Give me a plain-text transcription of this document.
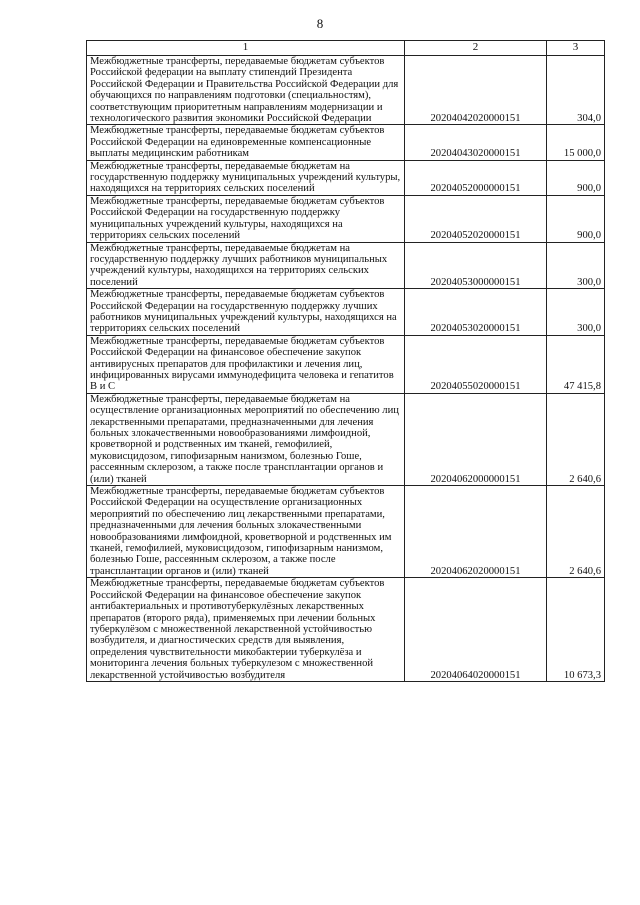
8
1	2	3
Межбюджетные трансферты, передаваемые бюджетам субъектов Российской федерации на выплату стипендий Президента Российской Федерации и Правительства Российской Федерации для обучающихся по направлениям подготовки (специальностям), соответствующим приоритетным направлениям модернизации и технологического развития экономики Российской Федерации	20204042020000151	304,0
Межбюджетные трансферты, передаваемые бюджетам субъектов Российской Федерации на единовременные компенсационные выплаты медицинским работникам	20204043020000151	15 000,0
Межбюджетные трансферты, передаваемые бюджетам на государственную поддержку муниципальных учреждений культуры, находящихся на территориях сельских поселений	20204052000000151	900,0
Межбюджетные трансферты, передаваемые бюджетам субъектов Российской Федерации на государственную поддержку муниципальных учреждений культуры, находящихся на территориях сельских поселений	20204052020000151	900,0
Межбюджетные трансферты, передаваемые бюджетам на государственную поддержку лучших работников муниципальных учреждений культуры, находящихся на территориях сельских поселений	20204053000000151	300,0
Межбюджетные трансферты, передаваемые бюджетам субъектов Российской Федерации на государственную поддержку лучших работников муниципальных учреждений культуры, находящихся на территориях сельских поселений	20204053020000151	300,0
Межбюджетные трансферты, передаваемые бюджетам субъектов Российской Федерации на финансовое обеспечение закупок антивирусных препаратов для профилактики и лечения лиц, инфицированных вирусами иммунодефицита человека и гепатитов В и С	20204055020000151	47 415,8
Межбюджетные трансферты, передаваемые бюджетам на осуществление организационных мероприятий по обеспечению лиц лекарственными препаратами, предназначенными для лечения больных злокачественными новообразованиями лимфоидной, кроветворной и родственных им тканей, гемофилией, муковисцидозом, гипофизарным нанизмом, болезнью Гоше, рассеянным склерозом, а также после трансплантации органов и (или) тканей	20204062000000151	2 640,6
Межбюджетные трансферты, передаваемые бюджетам субъектов Российской Федерации на осуществление организационных мероприятий по обеспечению лиц лекарственными препаратами, предназначенными для лечения больных злокачественными новообразованиями лимфоидной, кроветворной и родственных им тканей, гемофилией, муковисцидозом, гипофизарным нанизмом, болезнью Гоше, рассеянным склерозом, а также после трансплантации органов и (или) тканей	20204062020000151	2 640,6
Межбюджетные трансферты, передаваемые бюджетам субъектов Российской Федерации на финансовое обеспечение закупок антибактериальных и противотуберкулёзных лекарственных препаратов (второго ряда), применяемых при лечении больных туберкулёзом с множественной лекарственной устойчивостью возбудителя, и диагностических средств для выявления, определения чувствительности микобактерии туберкулёза и мониторинга лечения больных туберкулезом с множественной лекарственной устойчивостью возбудителя	20204064020000151	10 673,3
